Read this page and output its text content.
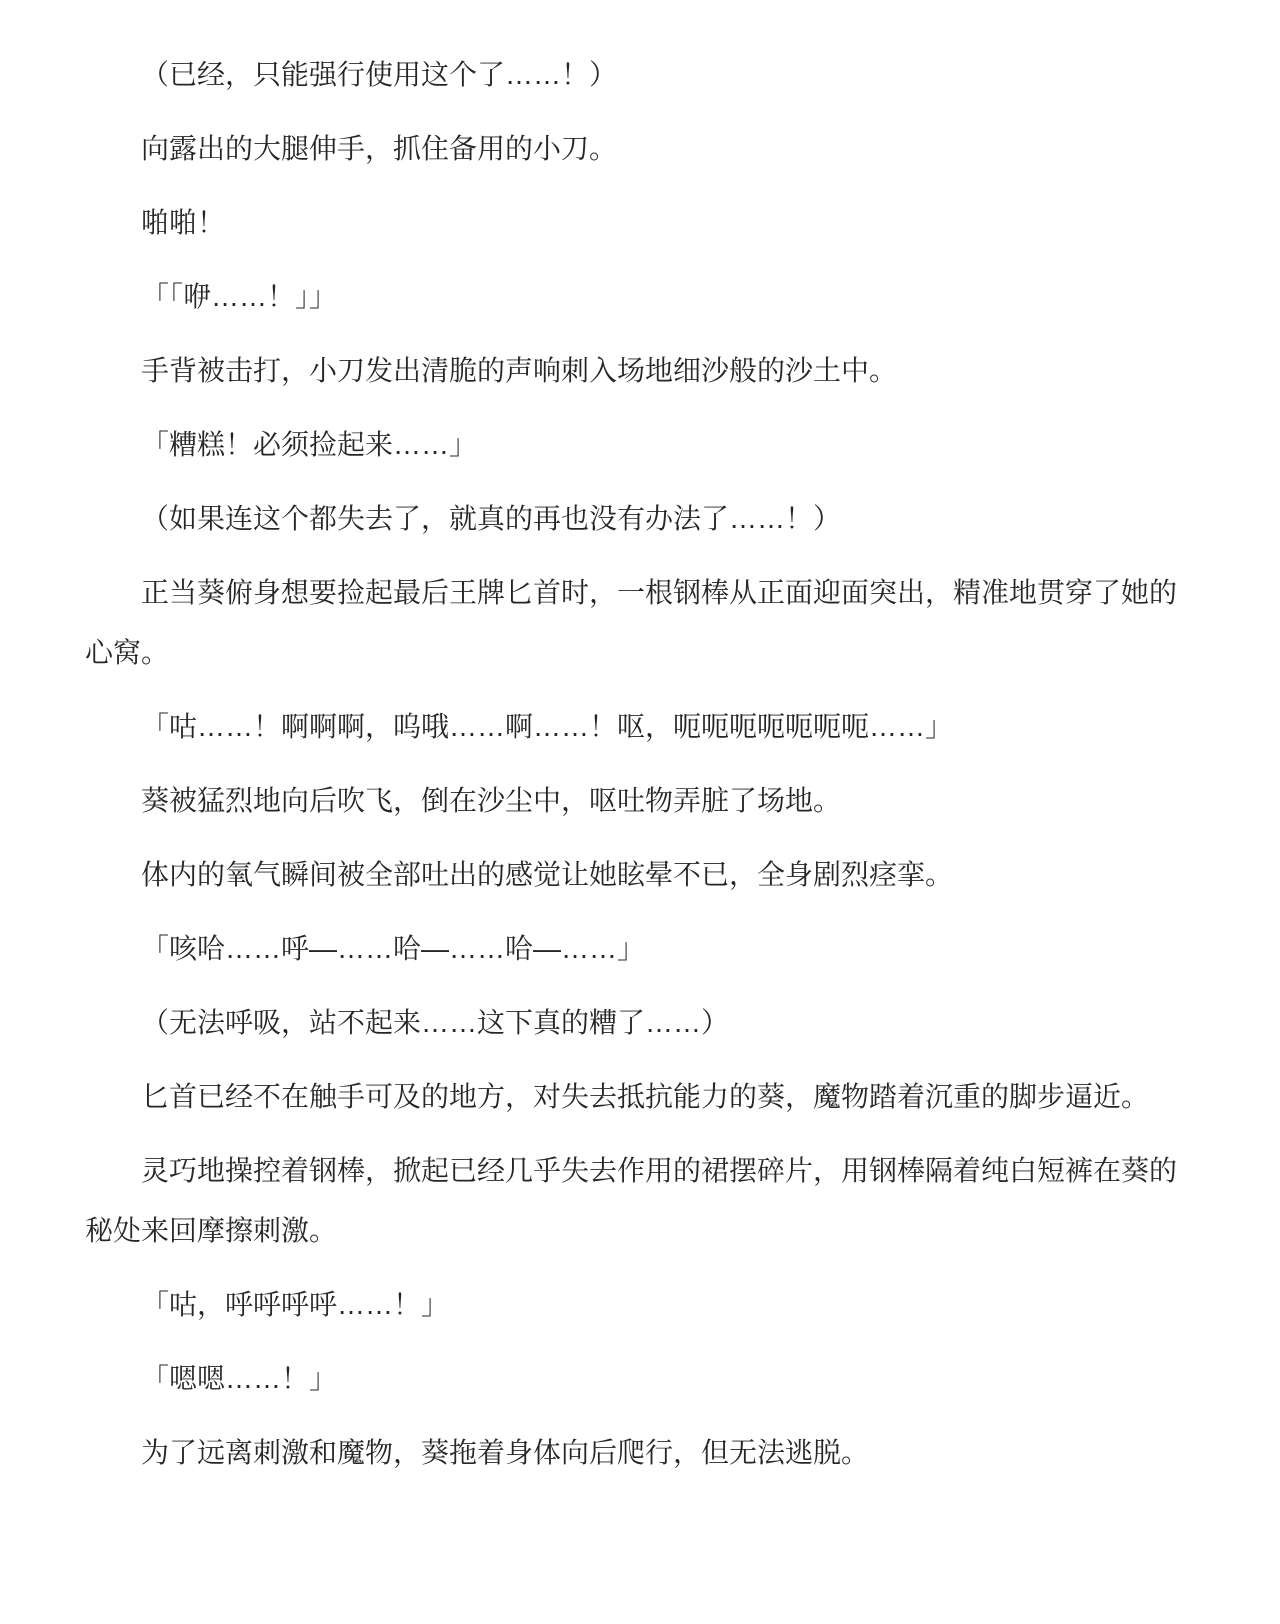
（已经，只能强行使用这个了……！）

向露出的大腿伸手，抓住备用的小刀。

啪啪！

「「咿……！」」

手背被击打，小刀发出清脆的声响刺入场地细沙般的沙土中。

「糟糕！必须捡起来……」

（如果连这个都失去了，就真的再也没有办法了……！）

正当葵俯身想要捡起最后王牌匕首时，一根钢棒从正面迎面突出，精准地贯穿了她的心窝。

「咕……！啊啊啊，呜哦……啊……！呕，呃呃呃呃呃呃呃……」

葵被猛烈地向后吹飞，倒在沙尘中，呕吐物弄脏了场地。

体内的氧气瞬间被全部吐出的感觉让她眩晕不已，全身剧烈痉挛。

「咳哈……呼—……哈—……哈—……」

（无法呼吸，站不起来……这下真的糟了……）

匕首已经不在触手可及的地方，对失去抵抗能力的葵，魔物踏着沉重的脚步逼近。

灵巧地操控着钢棒，掀起已经几乎失去作用的裙摆碎片，用钢棒隔着纯白短裤在葵的秘处来回摩擦刺激。

「咕，呼呼呼呼……！」

「嗯嗯……！」

为了远离刺激和魔物，葵拖着身体向后爬行，但无法逃脱。
